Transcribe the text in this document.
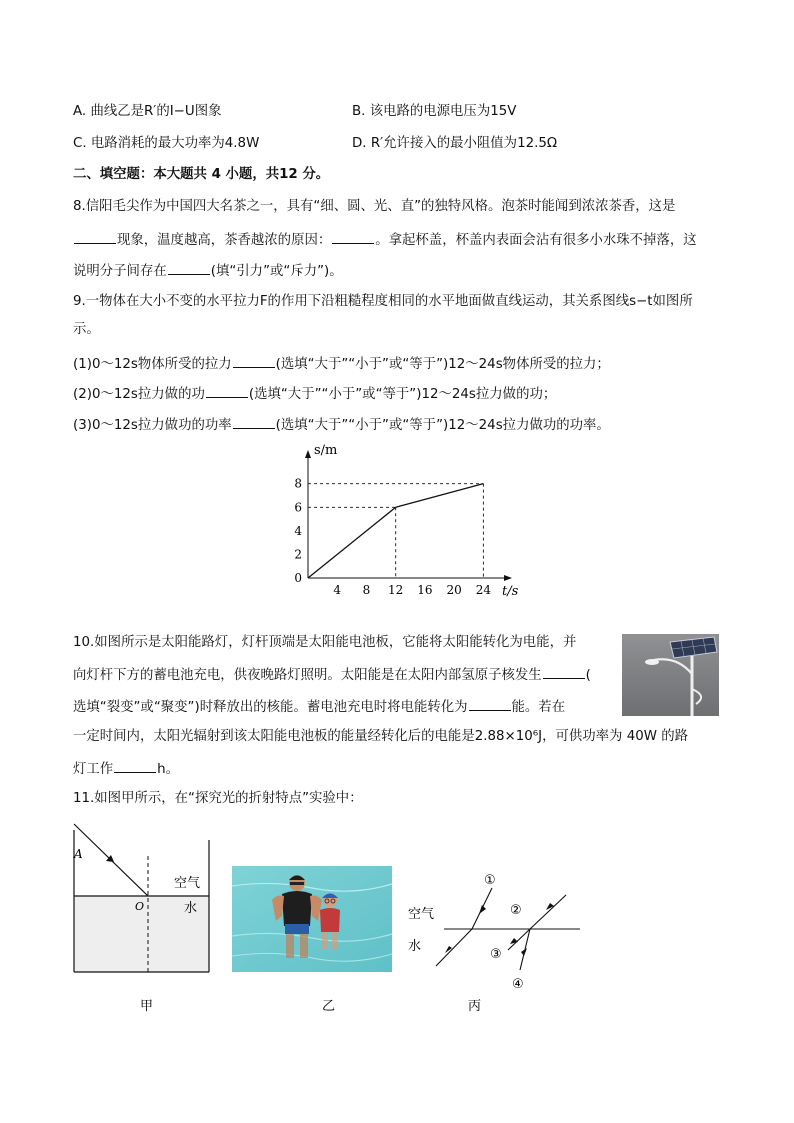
A. 曲线乙是R′的I−U图象	B. 该电路的电源电压为15V
C. 电路消耗的最大功率为4.8W	D. R′允许接入的最小阻值为12.5Ω
二、填空题：本大题共 4 小题，共12 分。
8.信阳毛尖作为中国四大名茶之一，具有“细、圆、光、直”的独特风格。泡茶时能闻到浓浓茶香，这是
现象，温度越高，茶香越浓的原因：	。拿起杯盖，杯盖内表面会沾有很多小水珠不掉落，这
说明分子间存在	(填“引力”或“斥力”)。
9.一物体在大小不变的水平拉力F的作用下沿粗糙程度相同的水平地面做直线运动，其关系图线s−t如图所
示。
(1)0～12s物体所受的拉力	(选填“大于”“小于”或“等于”)12～24s物体所受的拉力；
(2)0～12s拉力做的功	(选填“大于”“小于”或“等于”)12～24s拉力做的功；
(3)0～12s拉力做功的功率	(选填“大于”“小于”或“等于”)12～24s拉力做功的功率。
s/m
t/s
0
2
4
6
8
4 8 12 16 20 24
10.如图所示是太阳能路灯，灯杆顶端是太阳能电池板，它能将太阳能转化为电能，并
向灯杆下方的蓄电池充电，供夜晚路灯照明。太阳能是在太阳内部氢原子核发生	(
选填“裂变”或“聚变”)时释放出的核能。蓄电池充电时将电能转化为	能。若在
一定时间内，太阳光辐射到该太阳能电池板的能量经转化后的电能是2.88×10⁶J，可供功率为 40W 的路
灯工作	h。
11.如图甲所示，在“探究光的折射特点”实验中：
A
O
空气
水
甲	乙
空气
水
①
②
③
④
丙
